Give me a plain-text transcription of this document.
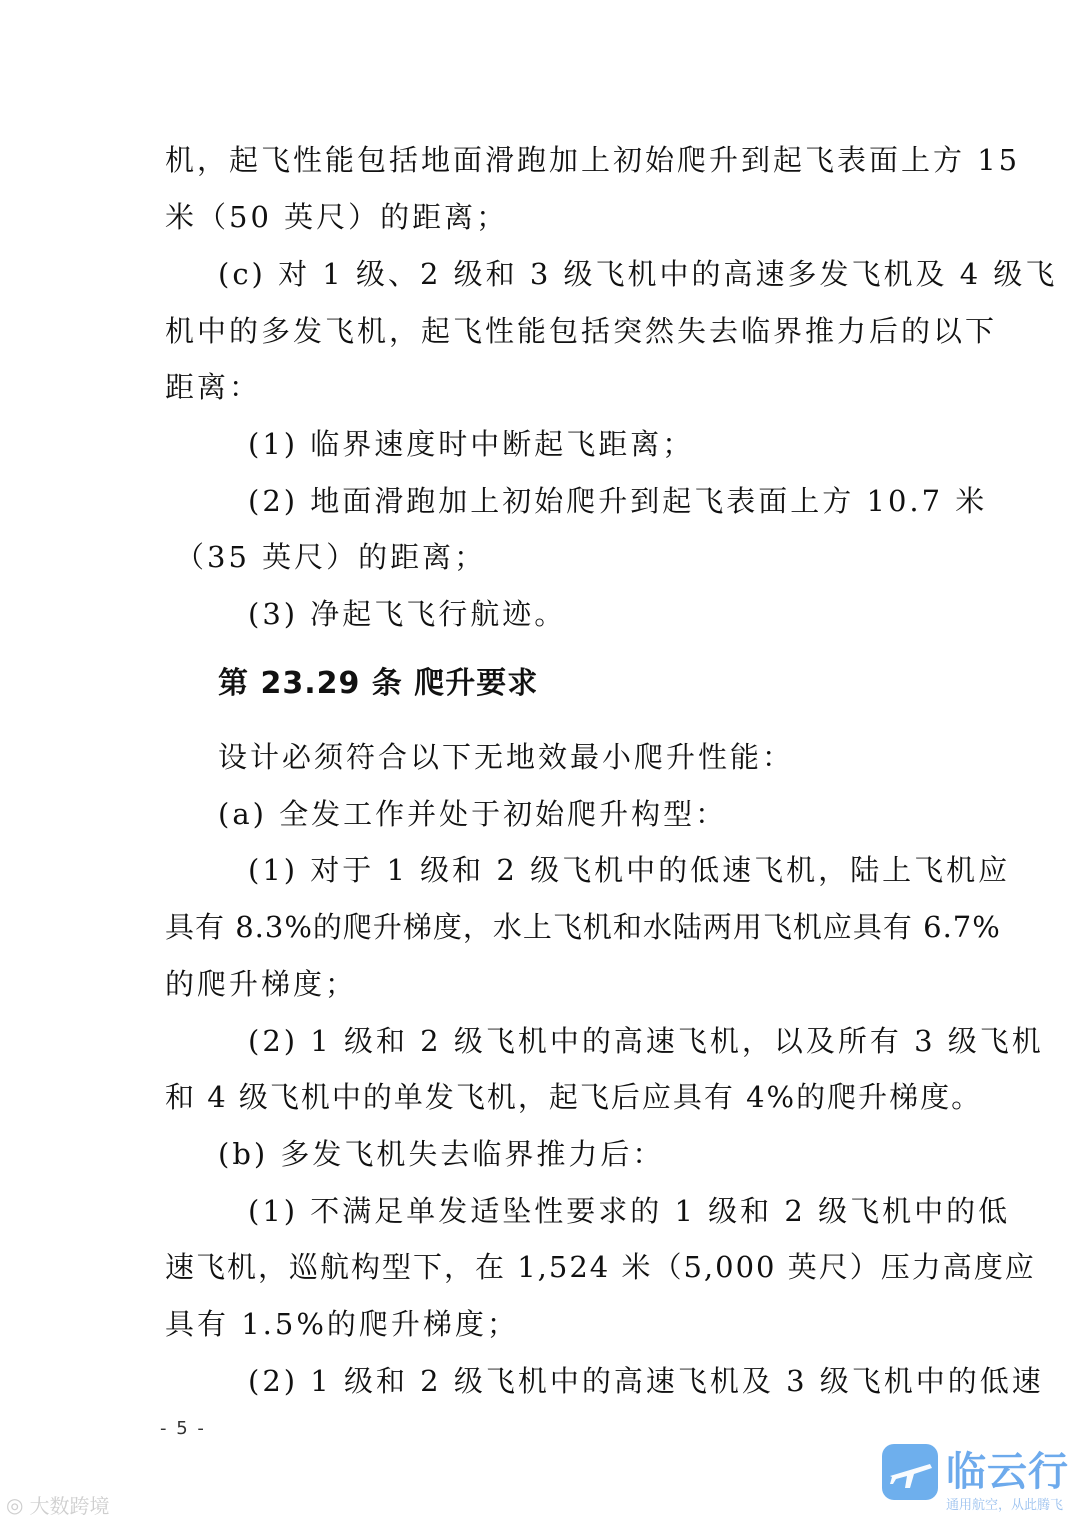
机，起飞性能包括地面滑跑加上初始爬升到起飞表面上方 15
米（50 英尺）的距离；
(c) 对 1 级、2 级和 3 级飞机中的高速多发飞机及 4 级飞
机中的多发飞机，起飞性能包括突然失去临界推力后的以下
距离：
(1) 临界速度时中断起飞距离；
(2) 地面滑跑加上初始爬升到起飞表面上方 10.7 米
（35 英尺）的距离；
(3) 净起飞飞行航迹。
第 23.29 条 爬升要求
设计必须符合以下无地效最小爬升性能：
(a) 全发工作并处于初始爬升构型：
(1) 对于 1 级和 2 级飞机中的低速飞机，陆上飞机应
具有 8.3%的爬升梯度，水上飞机和水陆两用飞机应具有 6.7%
的爬升梯度；
(2) 1 级和 2 级飞机中的高速飞机，以及所有 3 级飞机
和 4 级飞机中的单发飞机，起飞后应具有 4%的爬升梯度。
(b) 多发飞机失去临界推力后：
(1) 不满足单发适坠性要求的 1 级和 2 级飞机中的低
速飞机，巡航构型下，在 1,524 米（5,000 英尺）压力高度应
具有 1.5%的爬升梯度；
(2) 1 级和 2 级飞机中的高速飞机及 3 级飞机中的低速
- 5 -
◎ 大数跨境
临云行
通用航空，从此腾飞
